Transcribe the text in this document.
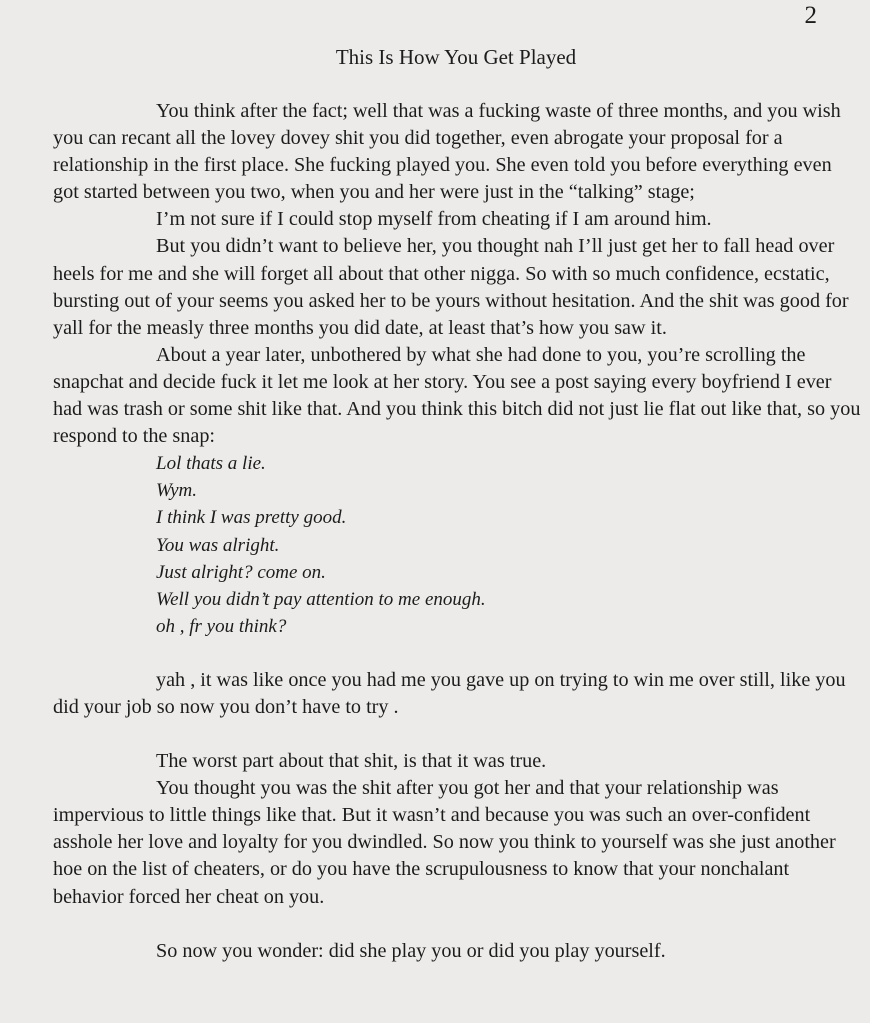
2
This Is How You Get Played

You think after the fact; well that was a fucking waste of three months, and you wish you can recant all the lovey dovey shit you did together, even abrogate your proposal for a relationship in the first place. She fucking played you. She even told you before everything even got started between you two, when you and her were just in the “talking” stage;

I’m not sure if I could stop myself from cheating if I am around him.

But you didn’t want to believe her, you thought nah I’ll just get her to fall head over heels for me and she will forget all about that other nigga. So with so much confidence, ecstatic, bursting out of your seems you asked her to be yours without hesitation. And the shit was good for yall for the measly three months you did date, at least that’s how you saw it.

About a year later, unbothered by what she had done to you, you’re scrolling the snapchat and decide fuck it let me look at her story. You see a post saying every boyfriend I ever had was trash or some shit like that. And you think this bitch did not just lie flat out like that, so you respond to the snap:

Lol thats a lie.

Wym.

I think I was pretty good.

You was alright.

Just alright? come on.

Well you didn’t pay attention to me enough.

oh , fr you think?

yah , it was like once you had me you gave up on trying to win me over still, like you did your job so now you don’t have to try .

The worst part about that shit, is that it was true.

You thought you was the shit after you got her and that your relationship was impervious to little things like that. But it wasn’t and because you was such an over-confident asshole her love and loyalty for you dwindled. So now you think to yourself was she just another hoe on the list of cheaters, or do you have the scrupulousness to know that your nonchalant behavior forced her cheat on you.

So now you wonder: did she play you or did you play yourself.
